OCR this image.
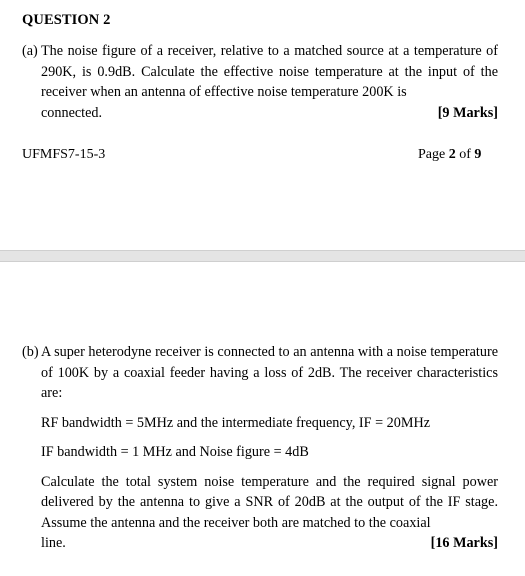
QUESTION 2
(a) The noise figure of a receiver, relative to a matched source at a temperature of 290K, is 0.9dB. Calculate the effective noise temperature at the input of the receiver when an antenna of effective noise temperature 200K is
connected.	[9 Marks]
UFMFS7-15-3	Page 2 of 9
(b) A super heterodyne receiver is connected to an antenna with a noise temperature of 100K by a coaxial feeder having a loss of 2dB. The receiver characteristics are:
RF bandwidth = 5MHz and the intermediate frequency, IF = 20MHz
IF bandwidth = 1 MHz and Noise figure = 4dB
Calculate the total system noise temperature and the required signal power delivered by the antenna to give a SNR of 20dB at the output of the IF stage. Assume the antenna and the receiver both are matched to the coaxial
line.	[16 Marks]
